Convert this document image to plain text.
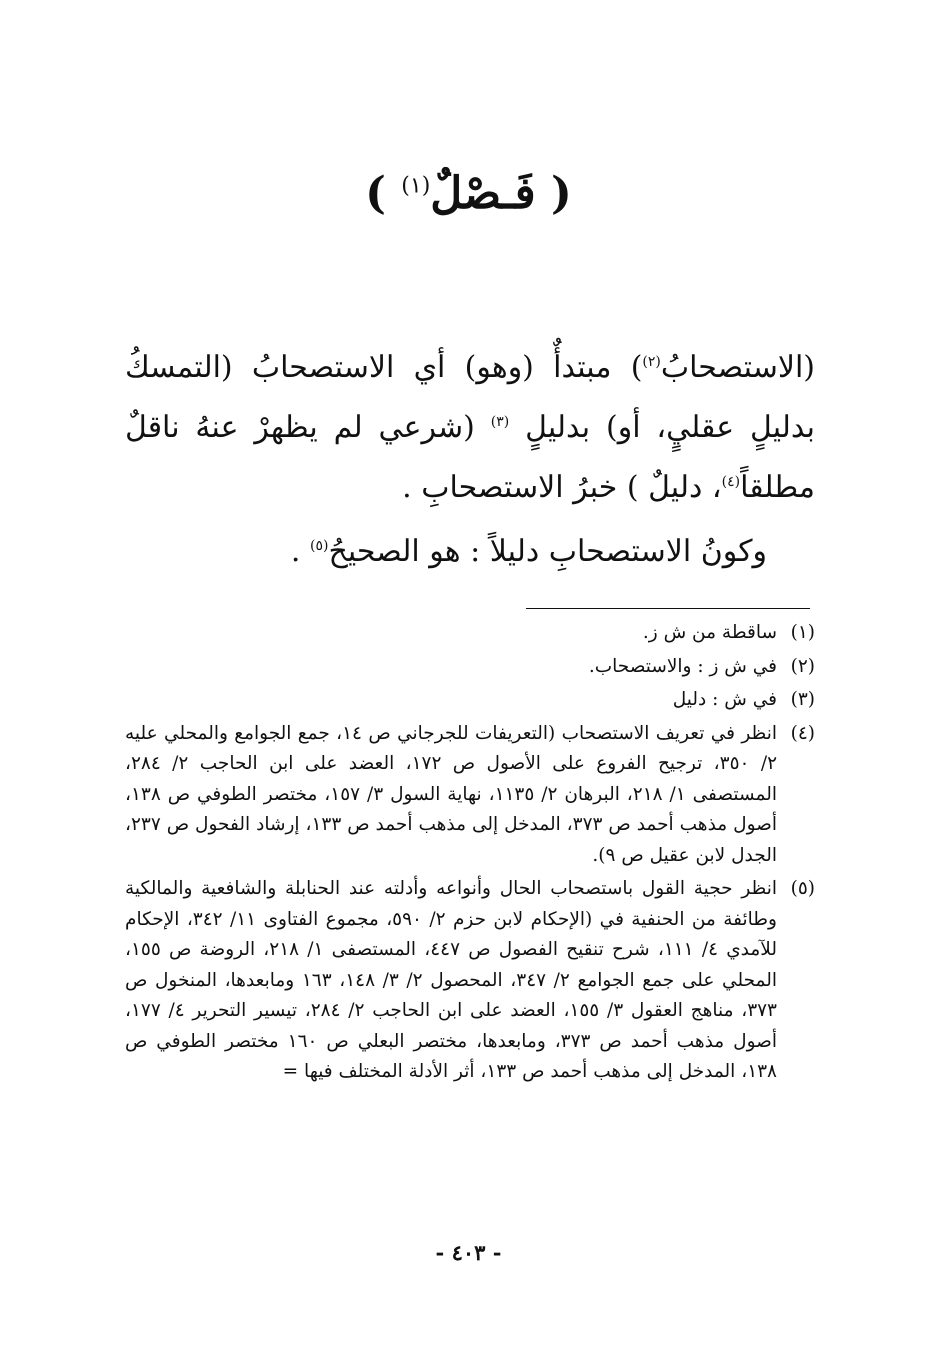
( فَـصْلٌ$^{(١)}$ )

(الاستصحابُ$^{(٢)}$) مبتدأٌ (وهو) أي الاستصحابُ (التمسكُ بدليلٍ عقليٍ، أو) بدليلٍ $^{(٣)}$ (شرعي لم يظهرْ عنهُ ناقلٌ مطلقاً$^{(٤)}$، دليلٌ ) خبرُ الاستصحابِ .

وكونُ الاستصحابِ دليلاً : هو الصحيحُ$^{(٥)}$ .

(١)
ساقطة من ش ز.
(٢)
في ش ز : والاستصحاب.
(٣)
في ش : دليل
(٤)
انظر في تعريف الاستصحاب (التعريفات للجرجاني ص ١٤، جمع الجوامع والمحلي عليه ٢/ ٣٥٠، ترجيح الفروع على الأصول ص ١٧٢، العضد على ابن الحاجب ٢/ ٢٨٤، المستصفى ١/ ٢١٨، البرهان ٢/ ١١٣٥، نهاية السول ٣/ ١٥٧، مختصر الطوفي ص ١٣٨، أصول مذهب أحمد ص ٣٧٣، المدخل إلى مذهب أحمد ص ١٣٣، إرشاد الفحول ص ٢٣٧، الجدل لابن عقيل ص ٩).
(٥)
انظر حجية القول باستصحاب الحال وأنواعه وأدلته عند الحنابلة والشافعية والمالكية وطائفة من الحنفية في (الإحكام لابن حزم ٢/ ٥٩٠، مجموع الفتاوى ١١/ ٣٤٢، الإحكام للآمدي ٤/ ١١١، شرح تنقيح الفصول ص ٤٤٧، المستصفى ١/ ٢١٨، الروضة ص ١٥٥، المحلي على جمع الجوامع ٢/ ٣٤٧، المحصول ٢/ ٣/ ١٤٨، ١٦٣ ومابعدها، المنخول ص ٣٧٣، مناهج العقول ٣/ ١٥٥، العضد على ابن الحاجب ٢/ ٢٨٤، تيسير التحرير ٤/ ١٧٧، أصول مذهب أحمد ص ٣٧٣، ومابعدها، مختصر البعلي ص ١٦٠ مختصر الطوفي ص ١٣٨، المدخل إلى مذهب أحمد ص ١٣٣، أثر الأدلة المختلف فيها =
- ٤٠٣ -
